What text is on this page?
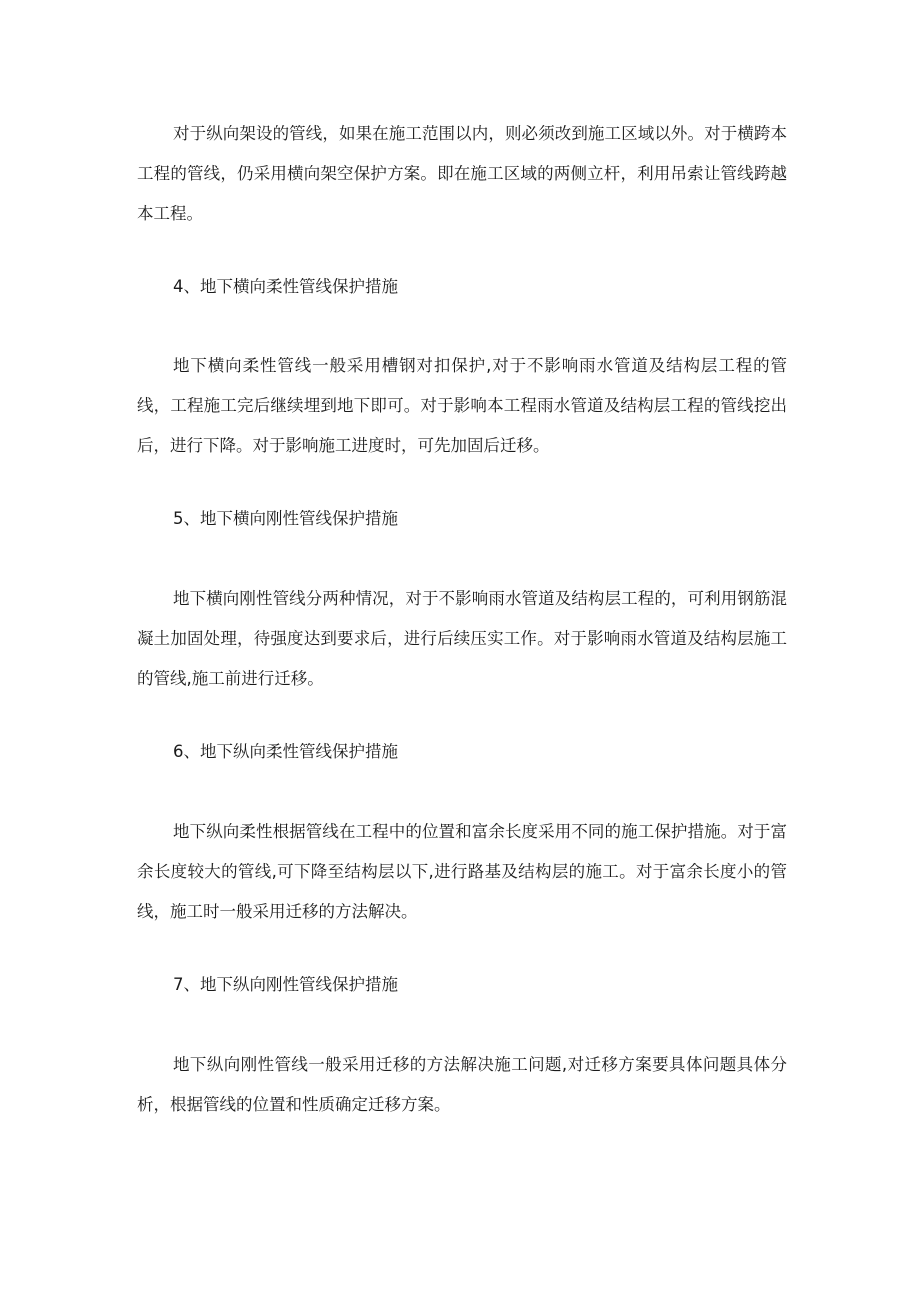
对于纵向架设的管线，如果在施工范围以内，则必须改到施工区域以外。对于横跨本工程的管线，仍采用横向架空保护方案。即在施工区域的两侧立杆，利用吊索让管线跨越本工程。

4、地下横向柔性管线保护措施

地下横向柔性管线一般采用槽钢对扣保护,对于不影响雨水管道及结构层工程的管线，工程施工完后继续埋到地下即可。对于影响本工程雨水管道及结构层工程的管线挖出后，进行下降。对于影响施工进度时，可先加固后迁移。

5、地下横向刚性管线保护措施

地下横向刚性管线分两种情况，对于不影响雨水管道及结构层工程的，可利用钢筋混凝土加固处理，待强度达到要求后，进行后续压实工作。对于影响雨水管道及结构层施工的管线,施工前进行迁移。

6、地下纵向柔性管线保护措施

地下纵向柔性根据管线在工程中的位置和富余长度采用不同的施工保护措施。对于富余长度较大的管线,可下降至结构层以下,进行路基及结构层的施工。对于富余长度小的管线，施工时一般采用迁移的方法解决。

7、地下纵向刚性管线保护措施

地下纵向刚性管线一般采用迁移的方法解决施工问题,对迁移方案要具体问题具体分析，根据管线的位置和性质确定迁移方案。
